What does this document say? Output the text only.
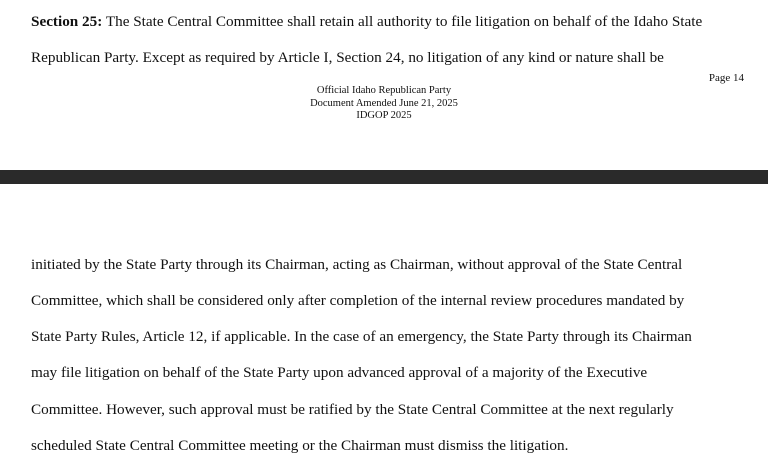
Section 25: The State Central Committee shall retain all authority to file litigation on behalf of the Idaho State
Republican Party. Except as required by Article I, Section 24, no litigation of any kind or nature shall be
Page 14
Official Idaho Republican Party
Document Amended June 21, 2025
IDGOP 2025
initiated by the State Party through its Chairman, acting as Chairman, without approval of the State Central
Committee, which shall be considered only after completion of the internal review procedures mandated by
State Party Rules, Article 12, if applicable. In the case of an emergency, the State Party through its Chairman
may file litigation on behalf of the State Party upon advanced approval of a majority of the Executive
Committee. However, such approval must be ratified by the State Central Committee at the next regularly
scheduled State Central Committee meeting or the Chairman must dismiss the litigation.
